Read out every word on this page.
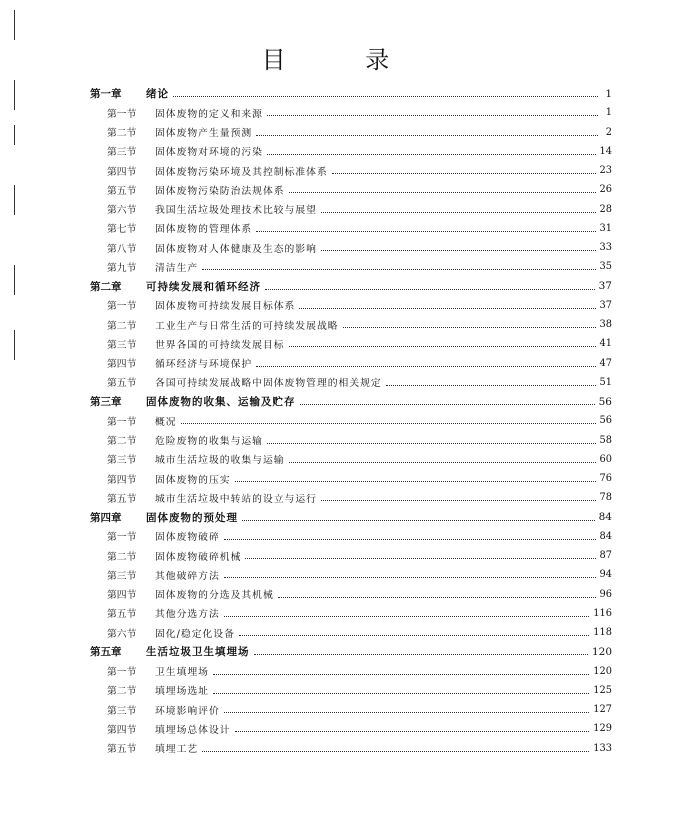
目 录
第一章	绪论	1
第一节	固体废物的定义和来源	1
第二节	固体废物产生量预测	2
第三节	固体废物对环境的污染	14
第四节	固体废物污染环境及其控制标准体系	23
第五节	固体废物污染防治法规体系	26
第六节	我国生活垃圾处理技术比较与展望	28
第七节	固体废物的管理体系	31
第八节	固体废物对人体健康及生态的影响	33
第九节	清洁生产	35
第二章	可持续发展和循环经济	37
第一节	固体废物可持续发展目标体系	37
第二节	工业生产与日常生活的可持续发展战略	38
第三节	世界各国的可持续发展目标	41
第四节	循环经济与环境保护	47
第五节	各国可持续发展战略中固体废物管理的相关规定	51
第三章	固体废物的收集、运输及贮存	56
第一节	概况	56
第二节	危险废物的收集与运输	58
第三节	城市生活垃圾的收集与运输	60
第四节	固体废物的压实	76
第五节	城市生活垃圾中转站的设立与运行	78
第四章	固体废物的预处理	84
第一节	固体废物破碎	84
第二节	固体废物破碎机械	87
第三节	其他破碎方法	94
第四节	固体废物的分选及其机械	96
第五节	其他分选方法	116
第六节	固化/稳定化设备	118
第五章	生活垃圾卫生填埋场	120
第一节	卫生填埋场	120
第二节	填埋场选址	125
第三节	环境影响评价	127
第四节	填埋场总体设计	129
第五节	填埋工艺	133
